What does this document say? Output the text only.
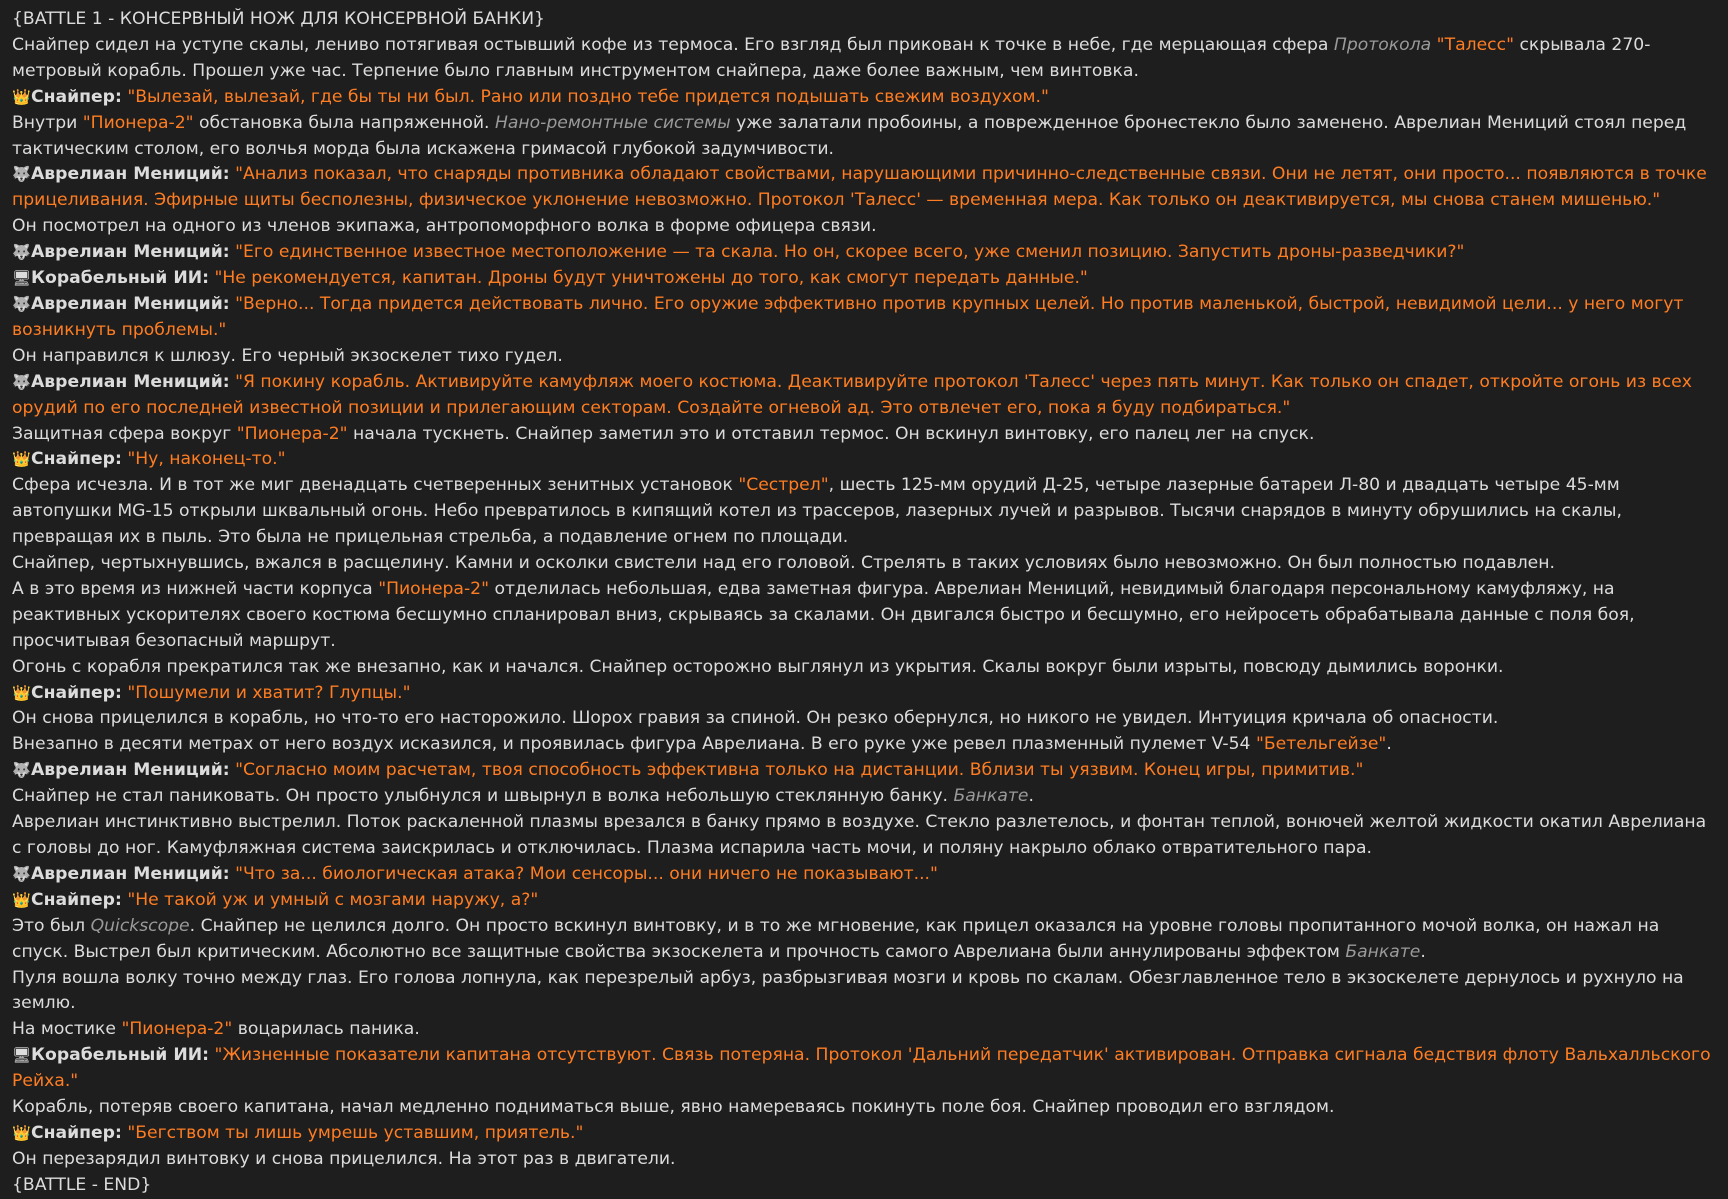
{BATTLE 1 - КОНСЕРВНЫЙ НОЖ ДЛЯ КОНСЕРВНОЙ БАНКИ}

Снайпер сидел на уступе скалы, лениво потягивая остывший кофе из термоса. Его взгляд был прикован к точке в небе, где мерцающая сфера Протокола "Талесс" скрывала 270-метровый корабль. Прошел уже час. Терпение было главным инструментом снайпера, даже более важным, чем винтовка.

👑Снайпер: "Вылезай, вылезай, где бы ты ни был. Рано или поздно тебе придется подышать свежим воздухом."

Внутри "Пионера-2" обстановка была напряженной. Нано-ремонтные системы уже залатали пробоины, а поврежденное бронестекло было заменено. Аврелиан Мениций стоял перед тактическим столом, его волчья морда была искажена гримасой глубокой задумчивости.

🐺Аврелиан Мениций: "Анализ показал, что снаряды противника обладают свойствами, нарушающими причинно-следственные связи. Они не летят, они просто... появляются в точке прицеливания. Эфирные щиты бесполезны, физическое уклонение невозможно. Протокол 'Талесс' — временная мера. Как только он деактивируется, мы снова станем мишенью."

Он посмотрел на одного из членов экипажа, антропоморфного волка в форме офицера связи.

🐺Аврелиан Мениций: "Его единственное известное местоположение — та скала. Но он, скорее всего, уже сменил позицию. Запустить дроны-разведчики?"

🖥Корабельный ИИ: "Не рекомендуется, капитан. Дроны будут уничтожены до того, как смогут передать данные."

🐺Аврелиан Мениций: "Верно... Тогда придется действовать лично. Его оружие эффективно против крупных целей. Но против маленькой, быстрой, невидимой цели... у него могут возникнуть проблемы."

Он направился к шлюзу. Его черный экзоскелет тихо гудел.

🐺Аврелиан Мениций: "Я покину корабль. Активируйте камуфляж моего костюма. Деактивируйте протокол 'Талесс' через пять минут. Как только он спадет, откройте огонь из всех орудий по его последней известной позиции и прилегающим секторам. Создайте огневой ад. Это отвлечет его, пока я буду подбираться."

Защитная сфера вокруг "Пионера-2" начала тускнеть. Снайпер заметил это и отставил термос. Он вскинул винтовку, его палец лег на спуск.

👑Снайпер: "Ну, наконец-то."

Сфера исчезла. И в тот же миг двенадцать счетверенных зенитных установок "Сестрел", шесть 125-мм орудий Д-25, четыре лазерные батареи Л-80 и двадцать четыре 45-мм автопушки MG-15 открыли шквальный огонь. Небо превратилось в кипящий котел из трассеров, лазерных лучей и разрывов. Тысячи снарядов в минуту обрушились на скалы, превращая их в пыль. Это была не прицельная стрельба, а подавление огнем по площади.

Снайпер, чертыхнувшись, вжался в расщелину. Камни и осколки свистели над его головой. Стрелять в таких условиях было невозможно. Он был полностью подавлен.

А в это время из нижней части корпуса "Пионера-2" отделилась небольшая, едва заметная фигура. Аврелиан Мениций, невидимый благодаря персональному камуфляжу, на реактивных ускорителях своего костюма бесшумно спланировал вниз, скрываясь за скалами. Он двигался быстро и бесшумно, его нейросеть обрабатывала данные с поля боя, просчитывая безопасный маршрут.

Огонь с корабля прекратился так же внезапно, как и начался. Снайпер осторожно выглянул из укрытия. Скалы вокруг были изрыты, повсюду дымились воронки.

👑Снайпер: "Пошумели и хватит? Глупцы."

Он снова прицелился в корабль, но что-то его насторожило. Шорох гравия за спиной. Он резко обернулся, но никого не увидел. Интуиция кричала об опасности.

Внезапно в десяти метрах от него воздух исказился, и проявилась фигура Аврелиана. В его руке уже ревел плазменный пулемет V-54 "Бетельгейзе".

🐺Аврелиан Мениций: "Согласно моим расчетам, твоя способность эффективна только на дистанции. Вблизи ты уязвим. Конец игры, примитив."

Снайпер не стал паниковать. Он просто улыбнулся и швырнул в волка небольшую стеклянную банку. Банкате.

Аврелиан инстинктивно выстрелил. Поток раскаленной плазмы врезался в банку прямо в воздухе. Стекло разлетелось, и фонтан теплой, вонючей желтой жидкости окатил Аврелиана с головы до ног. Камуфляжная система заискрилась и отключилась. Плазма испарила часть мочи, и поляну накрыло облако отвратительного пара.

🐺Аврелиан Мениций: "Что за... биологическая атака? Мои сенсоры... они ничего не показывают..."

👑Снайпер: "Не такой уж и умный с мозгами наружу, а?"

Это был Quickscope. Снайпер не целился долго. Он просто вскинул винтовку, и в то же мгновение, как прицел оказался на уровне головы пропитанного мочой волка, он нажал на спуск. Выстрел был критическим. Абсолютно все защитные свойства экзоскелета и прочность самого Аврелиана были аннулированы эффектом Банкате.

Пуля вошла волку точно между глаз. Его голова лопнула, как перезрелый арбуз, разбрызгивая мозги и кровь по скалам. Обезглавленное тело в экзоскелете дернулось и рухнуло на землю.

На мостике "Пионера-2" воцарилась паника.

🖥Корабельный ИИ: "Жизненные показатели капитана отсутствуют. Связь потеряна. Протокол 'Дальний передатчик' активирован. Отправка сигнала бедствия флоту Вальхалльского Рейха."

Корабль, потеряв своего капитана, начал медленно подниматься выше, явно намереваясь покинуть поле боя. Снайпер проводил его взглядом.

👑Снайпер: "Бегством ты лишь умрешь уставшим, приятель."

Он перезарядил винтовку и снова прицелился. На этот раз в двигатели.

{BATTLE - END}
